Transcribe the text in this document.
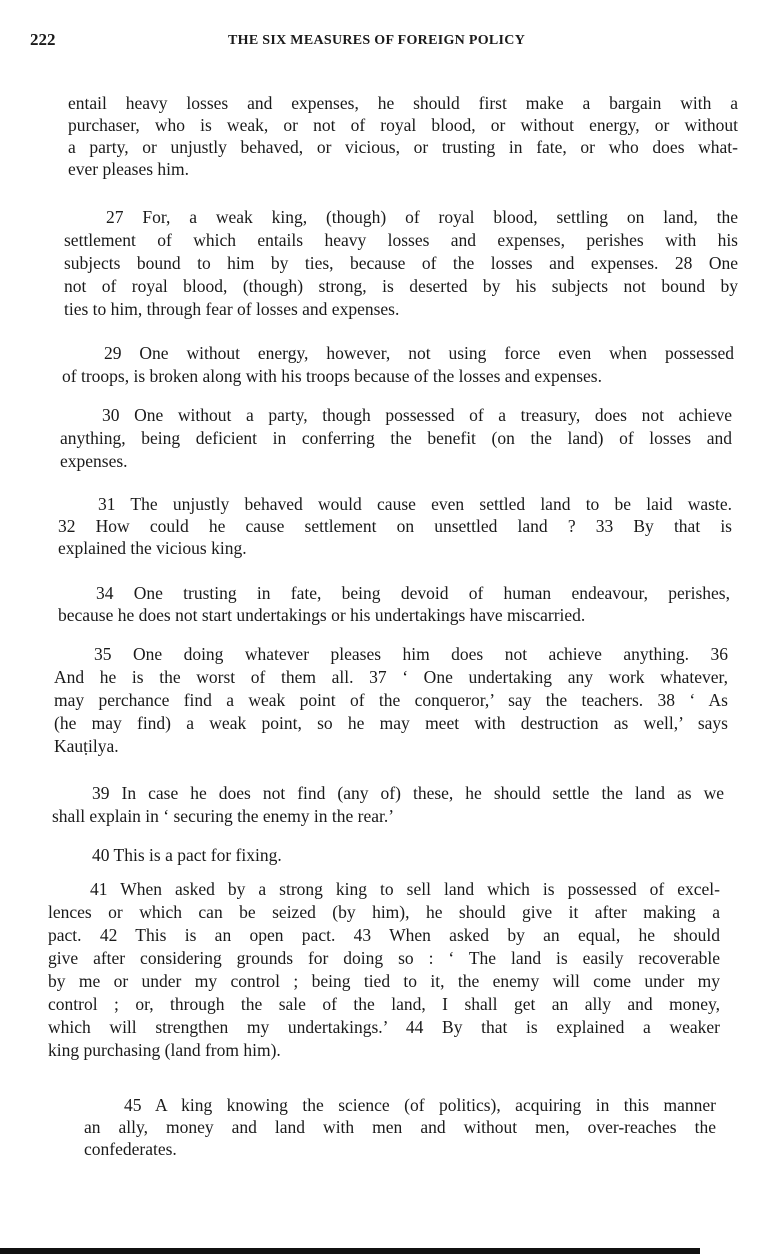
222	THE SIX MEASURES OF FOREIGN POLICY
entail heavy losses and expenses, he should first make a bargain with a
purchaser, who is weak, or not of royal blood, or without energy, or without
a party, or unjustly behaved, or vicious, or trusting in fate, or who does what-
ever pleases him.
27 For, a weak king, (though) of royal blood, settling on land, the
settlement of which entails heavy losses and expenses, perishes with his
subjects bound to him by ties, because of the losses and expenses. 28 One
not of royal blood, (though) strong, is deserted by his subjects not bound by
ties to him, through fear of losses and expenses.
29 One without energy, however, not using force even when possessed
of troops, is broken along with his troops because of the losses and expenses.
30 One without a party, though possessed of a treasury, does not achieve
anything, being deficient in conferring the benefit (on the land) of losses and
expenses.
31 The unjustly behaved would cause even settled land to be laid waste.
32 How could he cause settlement on unsettled land ? 33 By that is
explained the vicious king.
34 One trusting in fate, being devoid of human endeavour, perishes,
because he does not start undertakings or his undertakings have miscarried.
35 One doing whatever pleases him does not achieve anything. 36
And he is the worst of them all. 37 ‘ One undertaking any work whatever,
may perchance find a weak point of the conqueror,’ say the teachers. 38 ‘ As
(he may find) a weak point, so he may meet with destruction as well,’ says
Kauṭilya.
39 In case he does not find (any of) these, he should settle the land as we
shall explain in ‘ securing the enemy in the rear.’
40 This is a pact for fixing.
41 When asked by a strong king to sell land which is possessed of excel-
lences or which can be seized (by him), he should give it after making a
pact. 42 This is an open pact. 43 When asked by an equal, he should
give after considering grounds for doing so : ‘ The land is easily recoverable
by me or under my control ; being tied to it, the enemy will come under my
control ; or, through the sale of the land, I shall get an ally and money,
which will strengthen my undertakings.’ 44 By that is explained a weaker
king purchasing (land from him).
45 A king knowing the science (of politics), acquiring in this manner
an ally, money and land with men and without men, over-reaches the
confederates.
